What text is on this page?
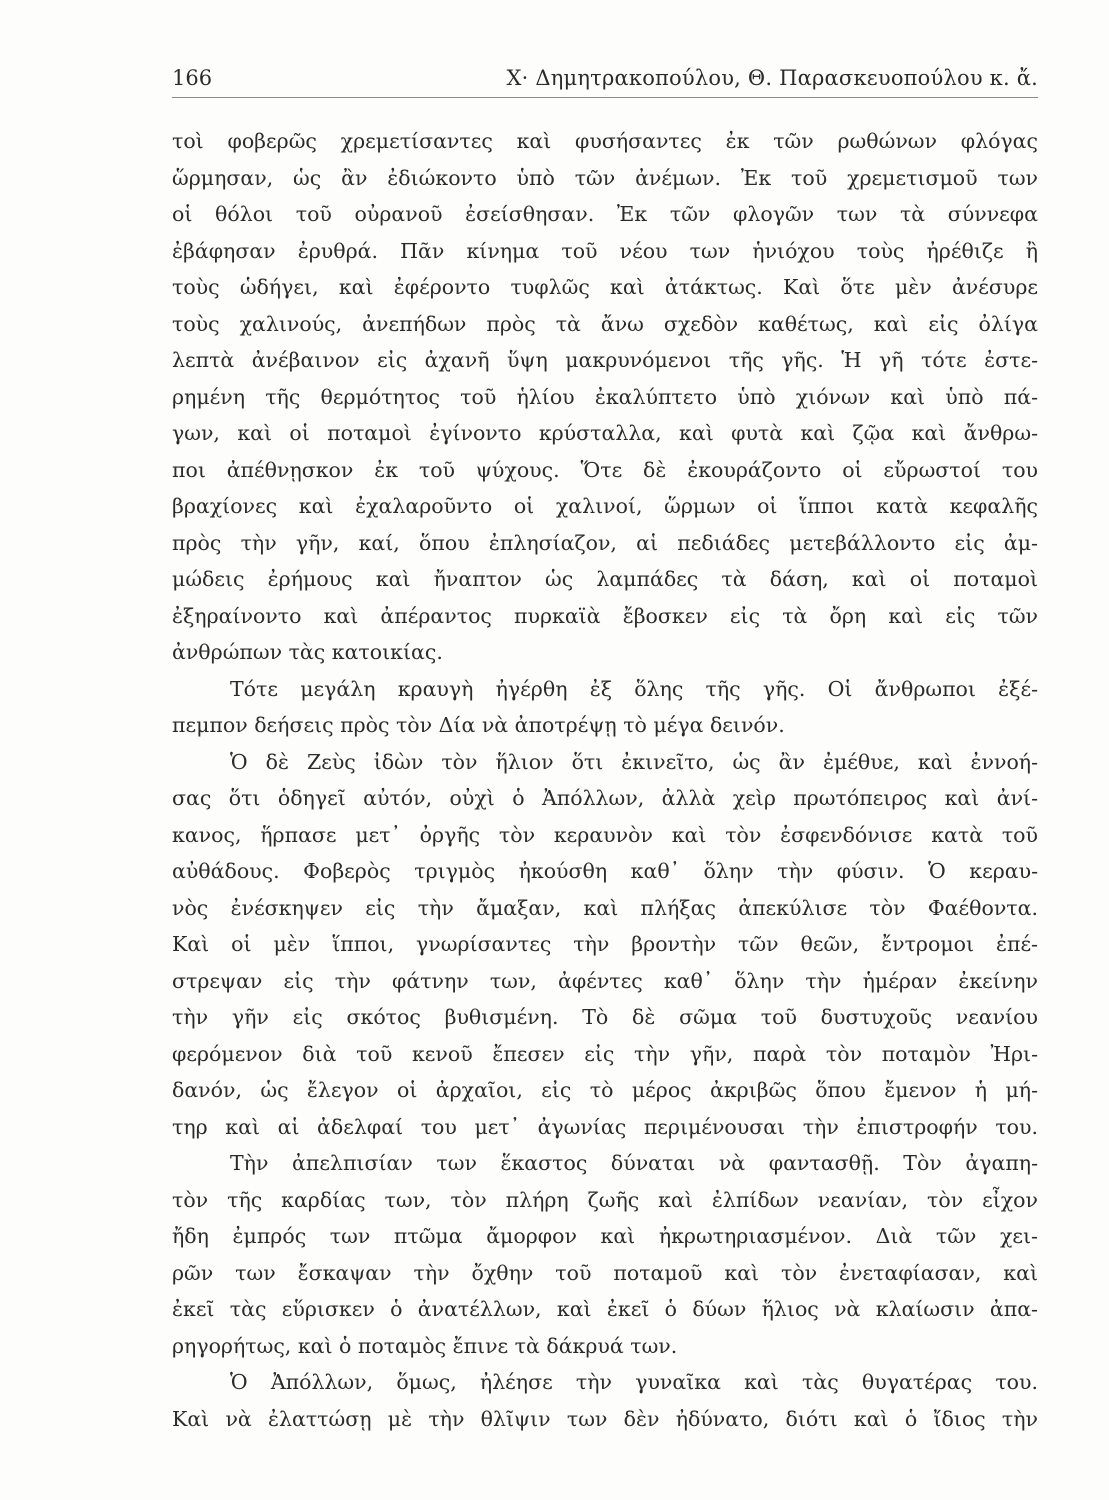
166	Χ· Δημητρακοπούλου, Θ. Παρασκευοπούλου κ. ἄ.
τοὶ φοβερῶς χρεμετίσαντες καὶ φυσήσαντες ἐκ τῶν ρωθώνων φλόγας
ὥρμησαν, ὡς ἂν ἐδιώκοντο ὑπὸ τῶν ἀνέμων. Ἐκ τοῦ χρεμετισμοῦ των
οἱ θόλοι τοῦ οὐρανοῦ ἐσείσθησαν. Ἐκ τῶν φλογῶν των τὰ σύννεφα
ἐβάφησαν ἐρυθρά. Πᾶν κίνημα τοῦ νέου των ἡνιόχου τοὺς ἠρέθιζε ἢ
τοὺς ὡδήγει, καὶ ἐφέροντο τυφλῶς καὶ ἀτάκτως. Καὶ ὅτε μὲν ἀνέσυρε
τοὺς χαλινούς, ἀνεπήδων πρὸς τὰ ἄνω σχεδὸν καθέτως, καὶ εἰς ὀλίγα
λεπτὰ ἀνέβαινον εἰς ἀχανῆ ὕψη μακρυνόμενοι τῆς γῆς. Ἡ γῆ τότε ἐστε-
ρημένη τῆς θερμότητος τοῦ ἡλίου ἐκαλύπτετο ὑπὸ χιόνων καὶ ὑπὸ πά-
γων, καὶ οἱ ποταμοὶ ἐγίνοντο κρύσταλλα, καὶ φυτὰ καὶ ζῷα καὶ ἄνθρω-
ποι ἀπέθνῃσκον ἐκ τοῦ ψύχους. Ὅτε δὲ ἐκουράζοντο οἱ εὔρωστοί του
βραχίονες καὶ ἐχαλαροῦντο οἱ χαλινοί, ὥρμων οἱ ἵπποι κατὰ κεφαλῆς
πρὸς τὴν γῆν, καί, ὅπου ἐπλησίαζον, αἱ πεδιάδες μετεβάλλοντο εἰς ἀμ-
μώδεις ἐρήμους καὶ ἤναπτον ὡς λαμπάδες τὰ δάση, καὶ οἱ ποταμοὶ
ἐξηραίνοντο καὶ ἀπέραντος πυρκαϊὰ ἔβοσκεν εἰς τὰ ὄρη καὶ εἰς τῶν
ἀνθρώπων τὰς κατοικίας.
Τότε μεγάλη κραυγὴ ἠγέρθη ἐξ ὅλης τῆς γῆς. Οἱ ἄνθρωποι ἐξέ-
πεμπον δεήσεις πρὸς τὸν Δία νὰ ἀποτρέψῃ τὸ μέγα δεινόν.
Ὁ δὲ Ζεὺς ἰδὼν τὸν ἥλιον ὅτι ἐκινεῖτο, ὡς ἂν ἐμέθυε, καὶ ἐννοή-
σας ὅτι ὁδηγεῖ αὐτόν, οὐχὶ ὁ Ἀπόλλων, ἀλλὰ χεὶρ πρωτόπειρος καὶ ἀνί-
κανος, ἥρπασε μετ᾽ ὀργῆς τὸν κεραυνὸν καὶ τὸν ἐσφενδόνισε κατὰ τοῦ
αὐθάδους. Φοβερὸς τριγμὸς ἠκούσθη καθ᾽ ὅλην τὴν φύσιν. Ὁ κεραυ-
νὸς ἐνέσκηψεν εἰς τὴν ἄμαξαν, καὶ πλήξας ἀπεκύλισε τὸν Φαέθοντα.
Καὶ οἱ μὲν ἵπποι, γνωρίσαντες τὴν βροντὴν τῶν θεῶν, ἔντρομοι ἐπέ-
στρεψαν εἰς τὴν φάτνην των, ἀφέντες καθ᾽ ὅλην τὴν ἡμέραν ἐκείνην
τὴν γῆν εἰς σκότος βυθισμένη. Τὸ δὲ σῶμα τοῦ δυστυχοῦς νεανίου
φερόμενον διὰ τοῦ κενοῦ ἔπεσεν εἰς τὴν γῆν, παρὰ τὸν ποταμὸν Ἠρι-
δανόν, ὡς ἔλεγον οἱ ἀρχαῖοι, εἰς τὸ μέρος ἀκριβῶς ὅπου ἔμενον ἡ μή-
τηρ καὶ αἱ ἀδελφαί του μετ᾽ ἀγωνίας περιμένουσαι τὴν ἐπιστροφήν του.
Τὴν ἀπελπισίαν των ἕκαστος δύναται νὰ φαντασθῇ. Τὸν ἀγαπη-
τὸν τῆς καρδίας των, τὸν πλήρη ζωῆς καὶ ἐλπίδων νεανίαν, τὸν εἶχον
ἤδη ἐμπρός των πτῶμα ἄμορφον καὶ ἠκρωτηριασμένον. Διὰ τῶν χει-
ρῶν των ἔσκαψαν τὴν ὄχθην τοῦ ποταμοῦ καὶ τὸν ἐνεταφίασαν, καὶ
ἐκεῖ τὰς εὕρισκεν ὁ ἀνατέλλων, καὶ ἐκεῖ ὁ δύων ἥλιος νὰ κλαίωσιν ἀπα-
ρηγορήτως, καὶ ὁ ποταμὸς ἔπινε τὰ δάκρυά των.
Ὁ Ἀπόλλων, ὅμως, ἠλέησε τὴν γυναῖκα καὶ τὰς θυγατέρας του.
Καὶ νὰ ἐλαττώσῃ μὲ τὴν θλῖψιν των δὲν ἠδύνατο, διότι καὶ ὁ ἴδιος τὴν
